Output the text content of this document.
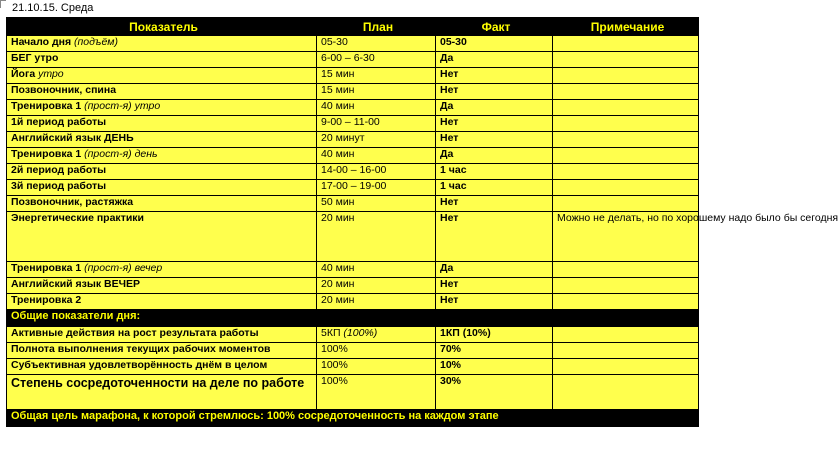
21.10.15. Среда
Показатель	План	Факт	Примечание
Начало дня (подъём)	05-30	05-30	
БЕГ утро	6-00 – 6-30	Да	
Йога утро	15 мин	Нет	
Позвоночник, спина	15 мин	Нет	
Тренировка 1 (прост-я) утро	40 мин	Да	
1й период работы	9-00 – 11-00	Нет	
Английский язык ДЕНЬ	20 минут	Нет	
Тренировка 1 (прост-я) день	40 мин	Да	
2й период работы	14-00 – 16-00	1 час	
3й период работы	17-00 – 19-00	1 час	
Позвоночник, растяжка	50 мин	Нет	
Энергетические практики	20 мин	Нет	Можно не делать, но по хорошему надо было бы сегодня
Тренировка 1 (прост-я) вечер	40 мин	Да	
Английский язык ВЕЧЕР	20 мин	Нет	
Тренировка 2	20 мин	Нет	
Общие показатели дня:			
Активные действия на рост результата работы	5КП (100%)	1КП (10%)	
Полнота выполнения текущих рабочих моментов	100%	70%	
Субъективная удовлетворённость днём в целом	100%	10%	
Степень сосредоточенности на деле по работе	100%	30%	
Общая цель марафона, к которой стремлюсь: 100% сосредоточенность на каждом этапе			
